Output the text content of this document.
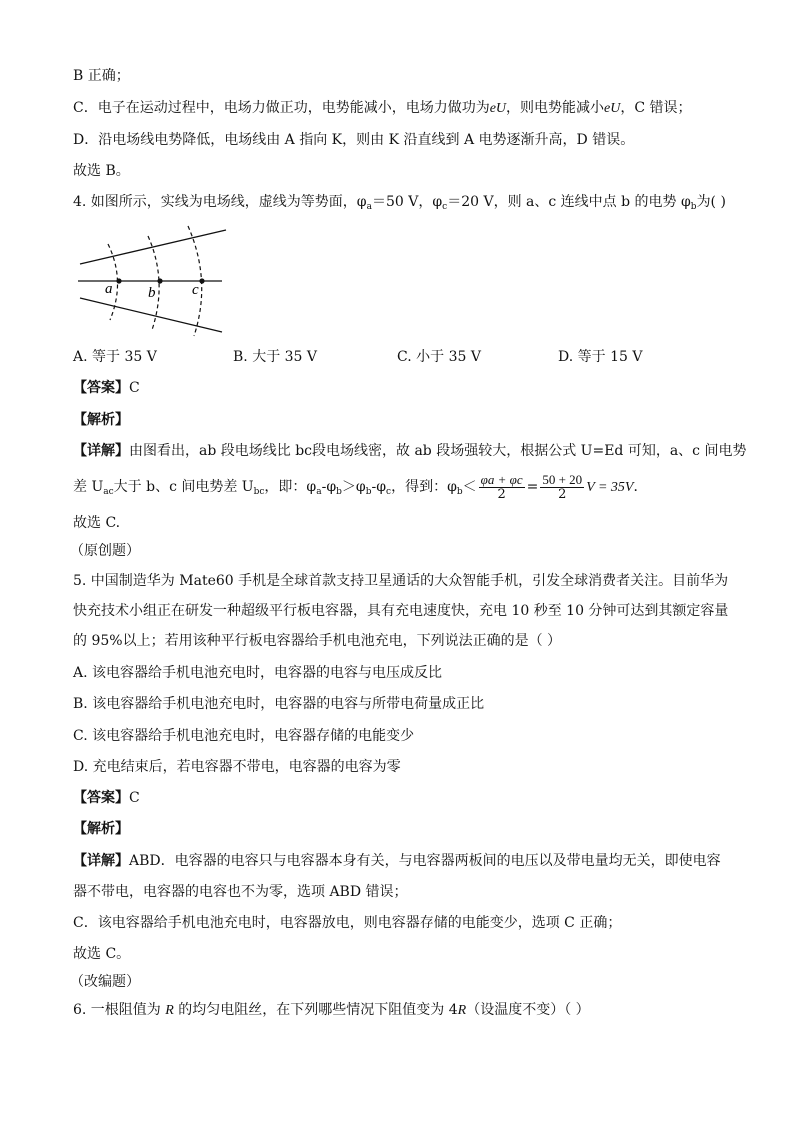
B 正确；
C．电子在运动过程中，电场力做正功，电势能减小，电场力做功为eU，则电势能减小eU，C 错误；
D．沿电场线电势降低，电场线由 A 指向 K，则由 K 沿直线到 A 电势逐渐升高，D 错误。
故选 B。
4. 如图所示，实线为电场线，虚线为等势面，$\varphi_a=50$ V，$\varphi_c=20$ V，则 a、c 连线中点 b 的电势 $\varphi_b$为( )
a b c
A. 等于 35 V	B. 大于 35 V	C. 小于 35 V	D. 等于 15 V
【答案】C
【解析】
【详解】由图看出，ab 段电场线比 bc段电场线密，故 ab 段场强较大，根据公式 U=Ed 可知，a、c 间电势
差 $U_{ac}$大于 b、c 间电势差 $U_{bc}$，即：$\varphi_a-\varphi_b>\varphi_b-\varphi_c$，得到：$\varphi_b< \frac{\varphi a + \varphi c}{2} = \frac{50 + 20}{2}$ V = 35V．
故选 C.
（原创题）
5. 中国制造华为 Mate60 手机是全球首款支持卫星通话的大众智能手机，引发全球消费者关注。目前华为
快充技术小组正在研发一种超级平行板电容器，具有充电速度快，充电 10 秒至 10 分钟可达到其额定容量
的 95%以上；若用该种平行板电容器给手机电池充电，下列说法正确的是（ ）
A. 该电容器给手机电池充电时，电容器的电容与电压成反比
B. 该电容器给手机电池充电时，电容器的电容与所带电荷量成正比
C. 该电容器给手机电池充电时，电容器存储的电能变少
D. 充电结束后，若电容器不带电，电容器的电容为零
【答案】C
【解析】
【详解】ABD．电容器的电容只与电容器本身有关，与电容器两板间的电压以及带电量均无关，即使电容
器不带电，电容器的电容也不为零，选项 ABD 错误；
C．该电容器给手机电池充电时，电容器放电，则电容器存储的电能变少，选项 C 正确；
故选 C。
（改编题）
6. 一根阻值为 R 的均匀电阻丝，在下列哪些情况下阻值变为 4R（设温度不变）（ ）
